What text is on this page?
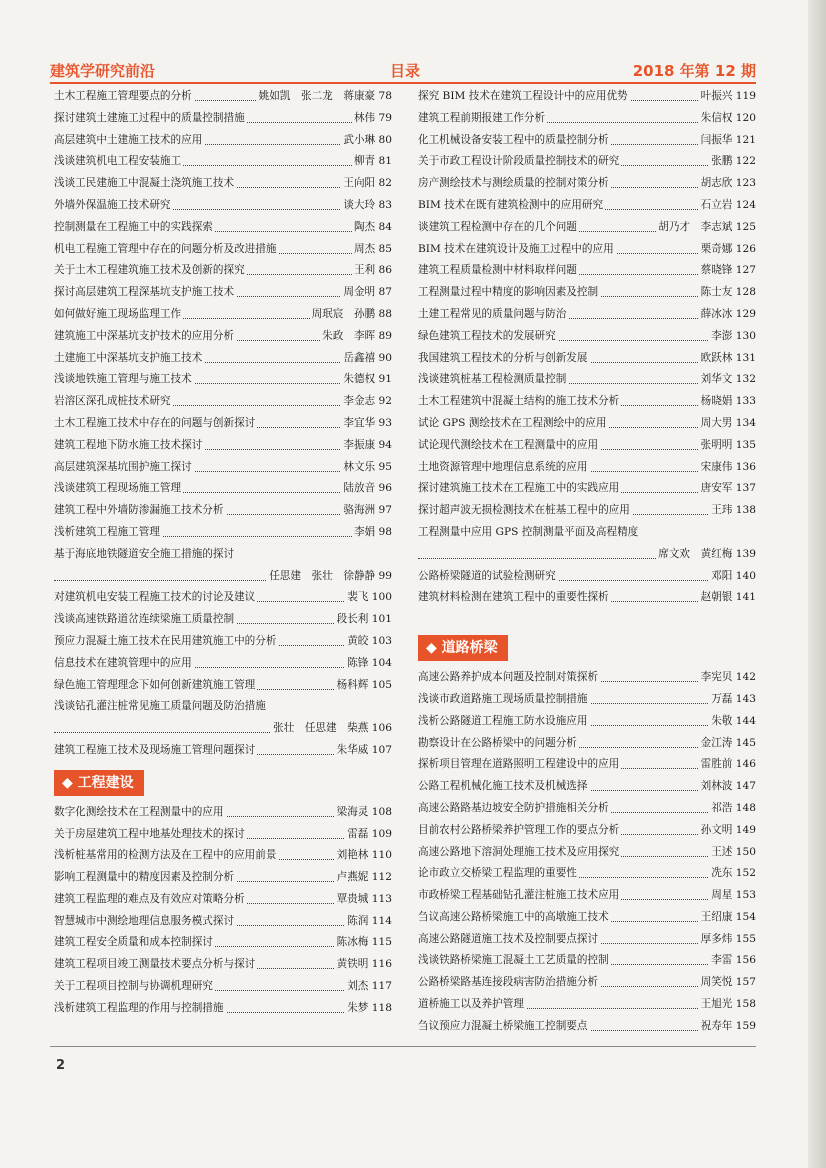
建筑学研究前沿	目录	2018 年第 12 期
土木工程施工管理要点的分析	姚如凯　张二龙　蒋康豪 78
探讨建筑土建施工过程中的质量控制措施	林伟 79
高层建筑中土建施工技术的应用	武小琳 80
浅谈建筑机电工程安装施工	柳青 81
浅谈工民建施工中混凝土浇筑施工技术	王向阳 82
外墙外保温施工技术研究	谈大玲 83
控制测量在工程施工中的实践探索	陶杰 84
机电工程施工管理中存在的问题分析及改进措施	周杰 85
关于土木工程建筑施工技术及创新的探究	王利 86
探讨高层建筑工程深基坑支护施工技术	周金明 87
如何做好施工现场监理工作	周珉宸　孙鹏 88
建筑施工中深基坑支护技术的应用分析	朱政　李晖 89
土建施工中深基坑支护施工技术	岳鑫禧 90
浅谈地铁施工管理与施工技术	朱德权 91
岩溶区深孔成桩技术研究	李金志 92
土木工程施工技术中存在的问题与创新探讨	李宜华 93
建筑工程地下防水施工技术探讨	李振康 94
高层建筑深基坑围护施工探讨	林文乐 95
浅谈建筑工程现场施工管理	陆放音 96
建筑工程中外墙防渗漏施工技术分析	骆海洲 97
浅析建筑工程施工管理	李娟 98
基于海底地铁隧道安全施工措施的探讨
任思建　张壮　徐静静 99
对建筑机电安装工程施工技术的讨论及建议	裴飞 100
浅谈高速铁路道岔连续梁施工质量控制	段长利 101
预应力混凝土施工技术在民用建筑施工中的分析	黄皎 103
信息技术在建筑管理中的应用	陈锋 104
绿色施工管理理念下如何创新建筑施工管理	杨科辉 105
浅谈钻孔灌注桩常见施工质量问题及防治措施
张壮　任思建　柴燕 106
建筑工程施工技术及现场施工管理问题探讨	朱华威 107
◆ 工程建设
数字化测绘技术在工程测量中的应用	梁海灵 108
关于房屋建筑工程中地基处理技术的探讨	雷磊 109
浅析桩基常用的检测方法及在工程中的应用前景	刘艳林 110
影响工程测量中的精度因素及控制分析	卢燕妮 112
建筑工程监理的难点及有效应对策略分析	覃贵城 113
智慧城市中测绘地理信息服务模式探讨	陈润 114
建筑工程安全质量和成本控制探讨	陈冰梅 115
建筑工程项目竣工测量技术要点分析与探讨	黄铁明 116
关于工程项目控制与协调机理研究	刘杰 117
浅析建筑工程监理的作用与控制措施	朱梦 118
探究 BIM 技术在建筑工程设计中的应用优势	叶振兴 119
建筑工程前期报建工作分析	朱信权 120
化工机械设备安装工程中的质量控制分析	闫振华 121
关于市政工程设计阶段质量控制技术的研究	张鹏 122
房产测绘技术与测绘质量的控制对策分析	胡志欣 123
BIM 技术在既有建筑检测中的应用研究	石立岩 124
谈建筑工程检测中存在的几个问题	胡乃才　李志斌 125
BIM 技术在建筑设计及施工过程中的应用	栗奇娜 126
建筑工程质量检测中材料取样问题	蔡晓锋 127
工程测量过程中精度的影响因素及控制	陈士友 128
土建工程常见的质量问题与防治	薛冰冰 129
绿色建筑工程技术的发展研究	李澎 130
我国建筑工程技术的分析与创新发展	欧跃林 131
浅谈建筑桩基工程检测质量控制	刘华文 132
土木工程建筑中混凝土结构的施工技术分析	杨晓娟 133
试论 GPS 测绘技术在工程测绘中的应用	周大男 134
试论现代测绘技术在工程测量中的应用	张明明 135
土地资源管理中地理信息系统的应用	宋康伟 136
探讨建筑施工技术在工程施工中的实践应用	唐安军 137
探讨超声波无损检测技术在桩基工程中的应用	王玮 138
工程测量中应用 GPS 控制测量平面及高程精度
席文欢　黄红梅 139
公路桥梁隧道的试验检测研究	邓阳 140
建筑材料检测在建筑工程中的重要性探析	赵朝银 141
◆ 道路桥梁
高速公路养护成本问题及控制对策探析	李宪贝 142
浅谈市政道路施工现场质量控制措施	万磊 143
浅析公路隧道工程施工防水设施应用	朱敬 144
勘察设计在公路桥梁中的问题分析	金江涛 145
探析项目管理在道路照明工程建设中的应用	雷胜前 146
公路工程机械化施工技术及机械选择	刘林波 147
高速公路路基边坡安全防护措施相关分析	祁浩 148
目前农村公路桥梁养护管理工作的要点分析	孙文明 149
高速公路地下溶洞处理施工技术及应用探究	王述 150
论市政立交桥梁工程监理的重要性	冼东 152
市政桥梁工程基础钻孔灌注桩施工技术应用	周星 153
刍议高速公路桥梁施工中的高墩施工技术	王绍康 154
高速公路隧道施工技术及控制要点探讨	厚多炜 155
浅谈铁路桥梁施工混凝土工艺质量的控制	李雷 156
公路桥梁路基连接段病害防治措施分析	周笑悦 157
道桥施工以及养护管理	王旭光 158
刍议预应力混凝土桥梁施工控制要点	祝寿年 159
2
